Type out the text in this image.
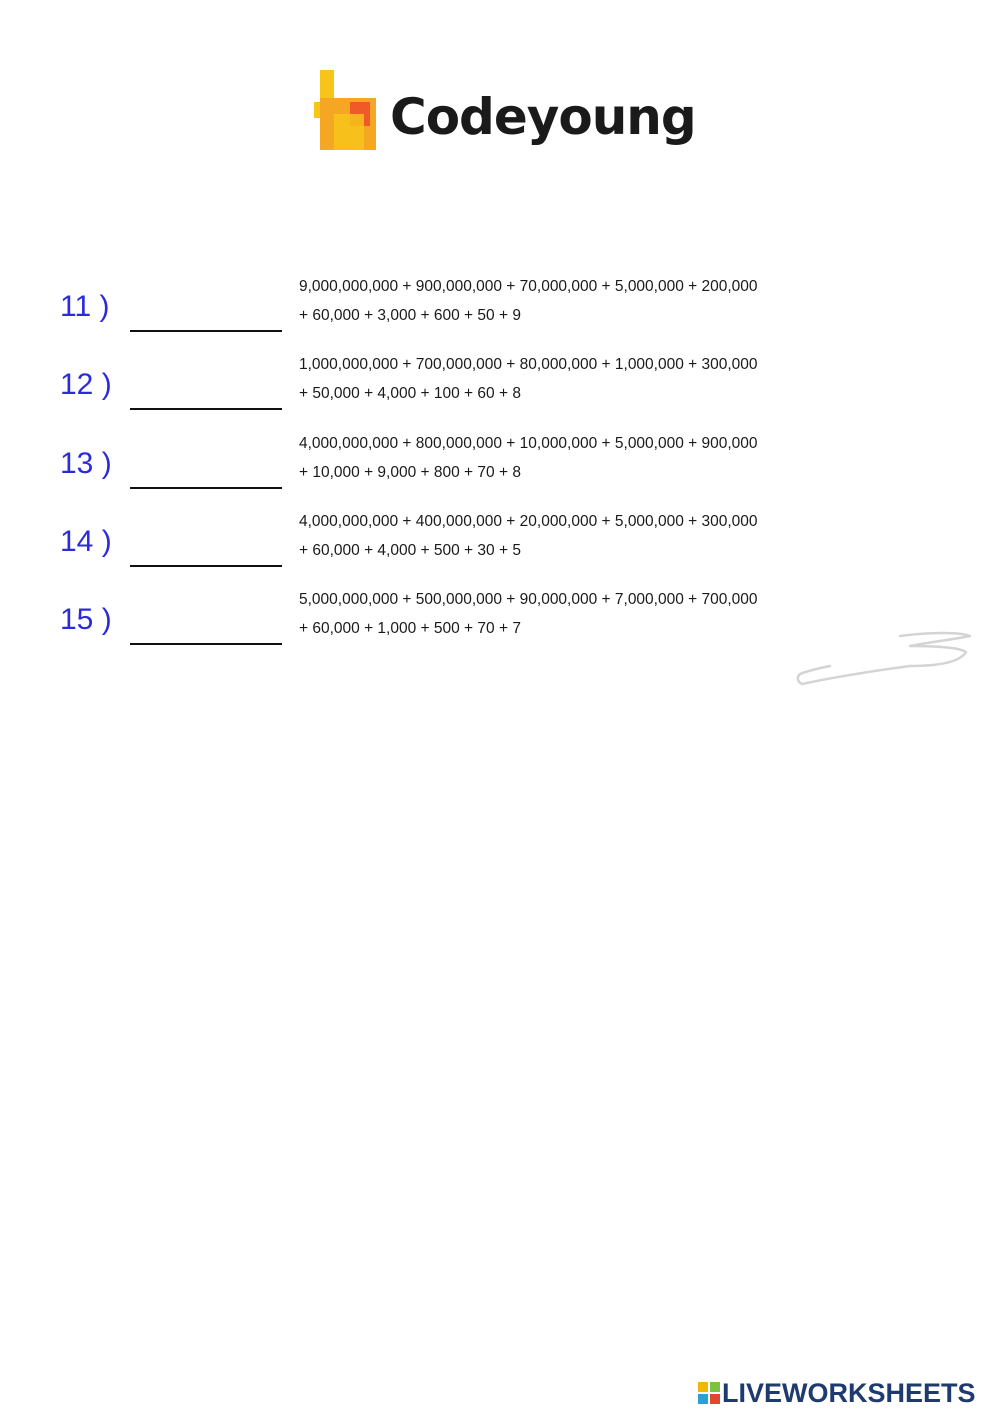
Codeyoung
11 )
9,000,000,000 + 900,000,000 + 70,000,000 + 5,000,000 + 200,000
+ 60,000 + 3,000 + 600 + 50 + 9
12 )
1,000,000,000 + 700,000,000 + 80,000,000 + 1,000,000 + 300,000
+ 50,000 + 4,000 + 100 + 60 + 8
13 )
4,000,000,000 + 800,000,000 + 10,000,000 + 5,000,000 + 900,000
+ 10,000 + 9,000 + 800 + 70 + 8
14 )
4,000,000,000 + 400,000,000 + 20,000,000 + 5,000,000 + 300,000
+ 60,000 + 4,000 + 500 + 30 + 5
15 )
5,000,000,000 + 500,000,000 + 90,000,000 + 7,000,000 + 700,000
+ 60,000 + 1,000 + 500 + 70 + 7
LIVEWORKSHEETS
